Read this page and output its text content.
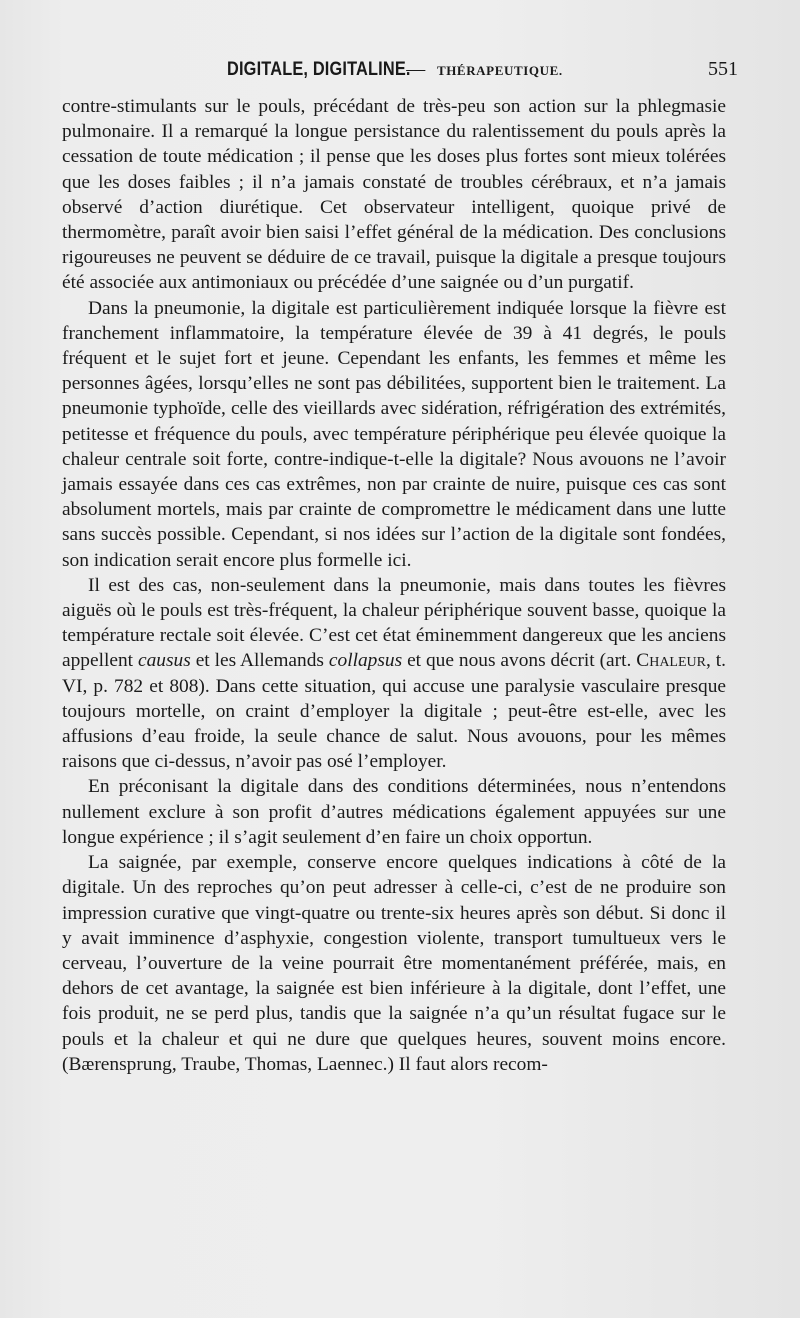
DIGITALE, DIGITALINE. — THÉRAPEUTIQUE.	551

contre-stimulants sur le pouls, précédant de très-peu son action sur la phlegmasie pulmonaire. Il a remarqué la longue persistance du ralentissement du pouls après la cessation de toute médication ; il pense que les doses plus fortes sont mieux tolérées que les doses faibles ; il n’a jamais constaté de troubles cérébraux, et n’a jamais observé d’action diurétique. Cet observateur intelligent, quoique privé de thermomètre, paraît avoir bien saisi l’effet général de la médication. Des conclusions rigoureuses ne peuvent se déduire de ce travail, puisque la digitale a presque toujours été associée aux antimoniaux ou précédée d’une saignée ou d’un purgatif.

Dans la pneumonie, la digitale est particulièrement indiquée lorsque la fièvre est franchement inflammatoire, la température élevée de 39 à 41 degrés, le pouls fréquent et le sujet fort et jeune. Cependant les enfants, les femmes et même les personnes âgées, lorsqu’elles ne sont pas débilitées, supportent bien le traitement. La pneumonie typhoïde, celle des vieillards avec sidération, réfrigération des extrémités, petitesse et fréquence du pouls, avec température périphérique peu élevée quoique la chaleur centrale soit forte, contre-indique-t-elle la digitale? Nous avouons ne l’avoir jamais essayée dans ces cas extrêmes, non par crainte de nuire, puisque ces cas sont absolument mortels, mais par crainte de compromettre le médicament dans une lutte sans succès possible. Cependant, si nos idées sur l’action de la digitale sont fondées, son indication serait encore plus formelle ici.

Il est des cas, non-seulement dans la pneumonie, mais dans toutes les fièvres aiguës où le pouls est très-fréquent, la chaleur périphérique souvent basse, quoique la température rectale soit élevée. C’est cet état éminemment dangereux que les anciens appellent causus et les Allemands collapsus et que nous avons décrit (art. Chaleur, t. VI, p. 782 et 808). Dans cette situation, qui accuse une paralysie vasculaire presque toujours mortelle, on craint d’employer la digitale ; peut-être est-elle, avec les affusions d’eau froide, la seule chance de salut. Nous avouons, pour les mêmes raisons que ci-dessus, n’avoir pas osé l’employer.

En préconisant la digitale dans des conditions déterminées, nous n’entendons nullement exclure à son profit d’autres médications également appuyées sur une longue expérience ; il s’agit seulement d’en faire un choix opportun.

La saignée, par exemple, conserve encore quelques indications à côté de la digitale. Un des reproches qu’on peut adresser à celle-ci, c’est de ne produire son impression curative que vingt-quatre ou trente-six heures après son début. Si donc il y avait imminence d’asphyxie, congestion violente, transport tumultueux vers le cerveau, l’ouverture de la veine pourrait être momentanément préférée, mais, en dehors de cet avantage, la saignée est bien inférieure à la digitale, dont l’effet, une fois produit, ne se perd plus, tandis que la saignée n’a qu’un résultat fugace sur le pouls et la chaleur et qui ne dure que quelques heures, souvent moins encore. (Bærensprung, Traube, Thomas, Laennec.) Il faut alors recom-
